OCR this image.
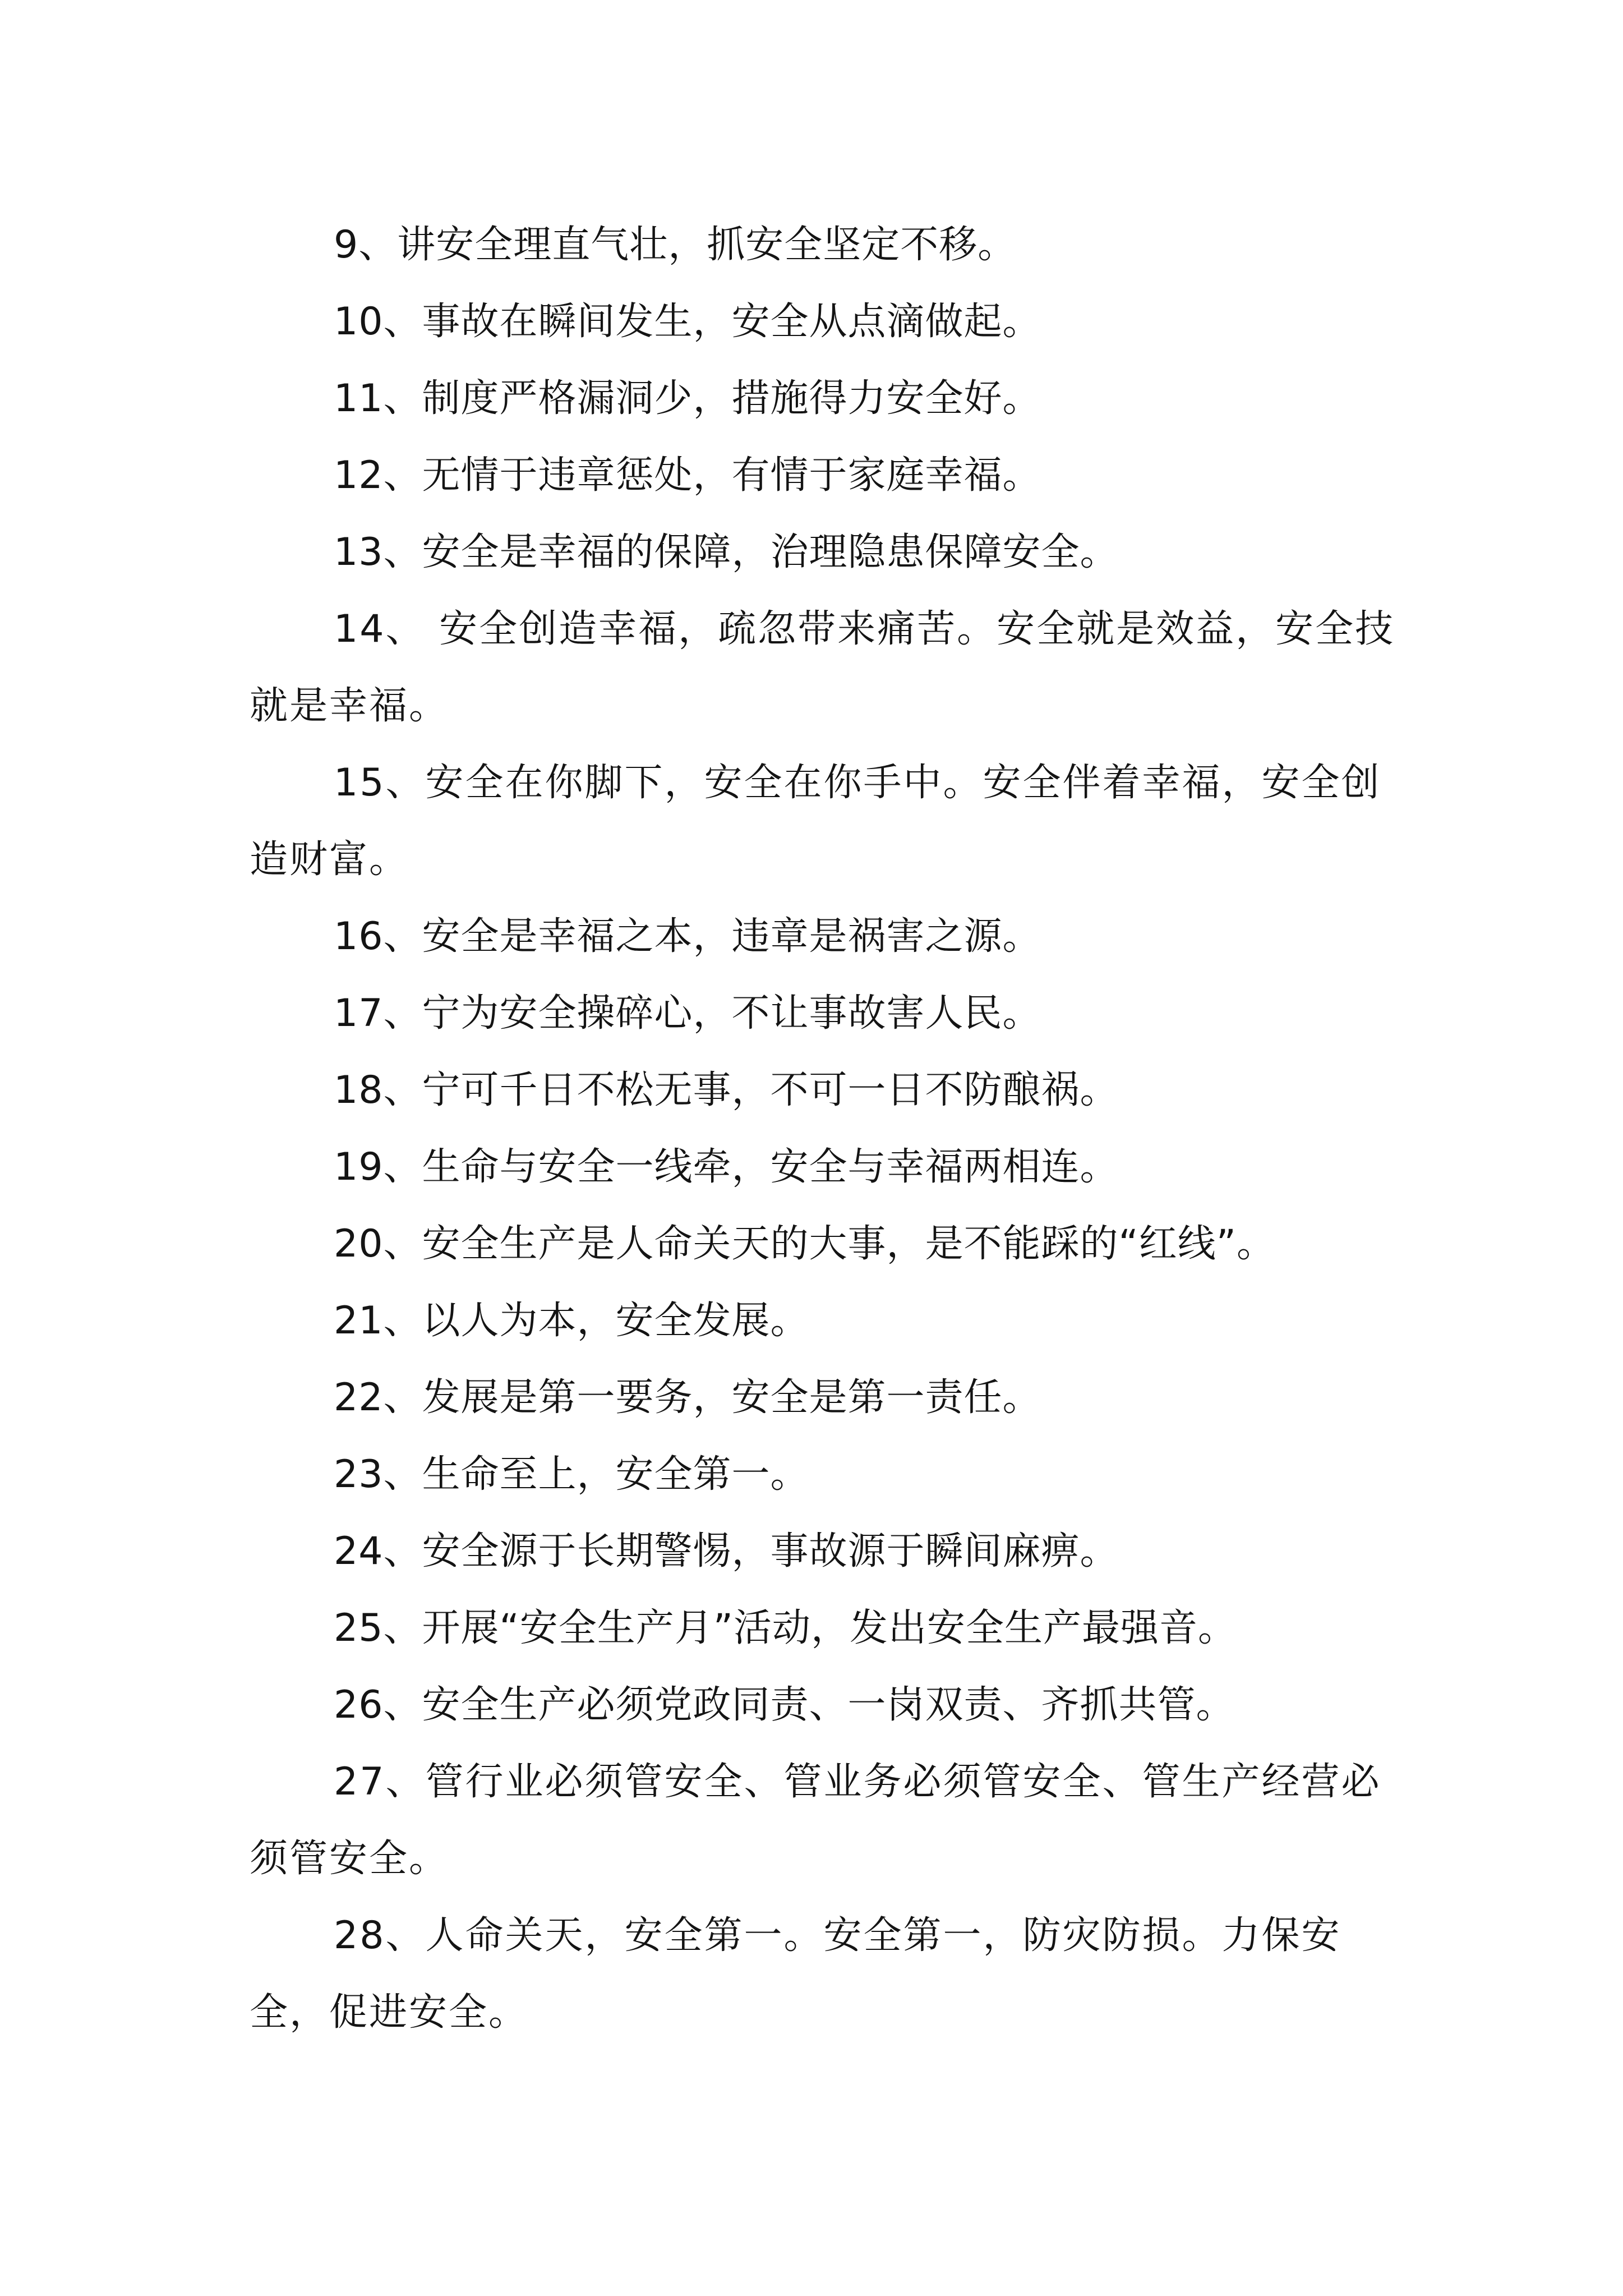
9、讲安全理直气壮，抓安全坚定不移。

10、事故在瞬间发生，安全从点滴做起。

11、制度严格漏洞少，措施得力安全好。

12、无情于违章惩处，有情于家庭幸福。

13、安全是幸福的保障，治理隐患保障安全。

14、 安全创造幸福，疏忽带来痛苦。安全就是效益，安全技就是幸福。

15、安全在你脚下，安全在你手中。安全伴着幸福，安全创造财富。

16、安全是幸福之本，违章是祸害之源。

17、宁为安全操碎心，不让事故害人民。

18、宁可千日不松无事，不可一日不防酿祸。

19、生命与安全一线牵，安全与幸福两相连。

20、安全生产是人命关天的大事，是不能踩的“红线”。

21、以人为本，安全发展。

22、发展是第一要务，安全是第一责任。

23、生命至上，安全第一。

24、安全源于长期警惕，事故源于瞬间麻痹。

25、开展“安全生产月”活动，发出安全生产最强音。

26、安全生产必须党政同责、一岗双责、齐抓共管。

27、管行业必须管安全、管业务必须管安全、管生产经营必须管安全。

28、人命关天，安全第一。安全第一，防灾防损。力保安全，促进安全。
